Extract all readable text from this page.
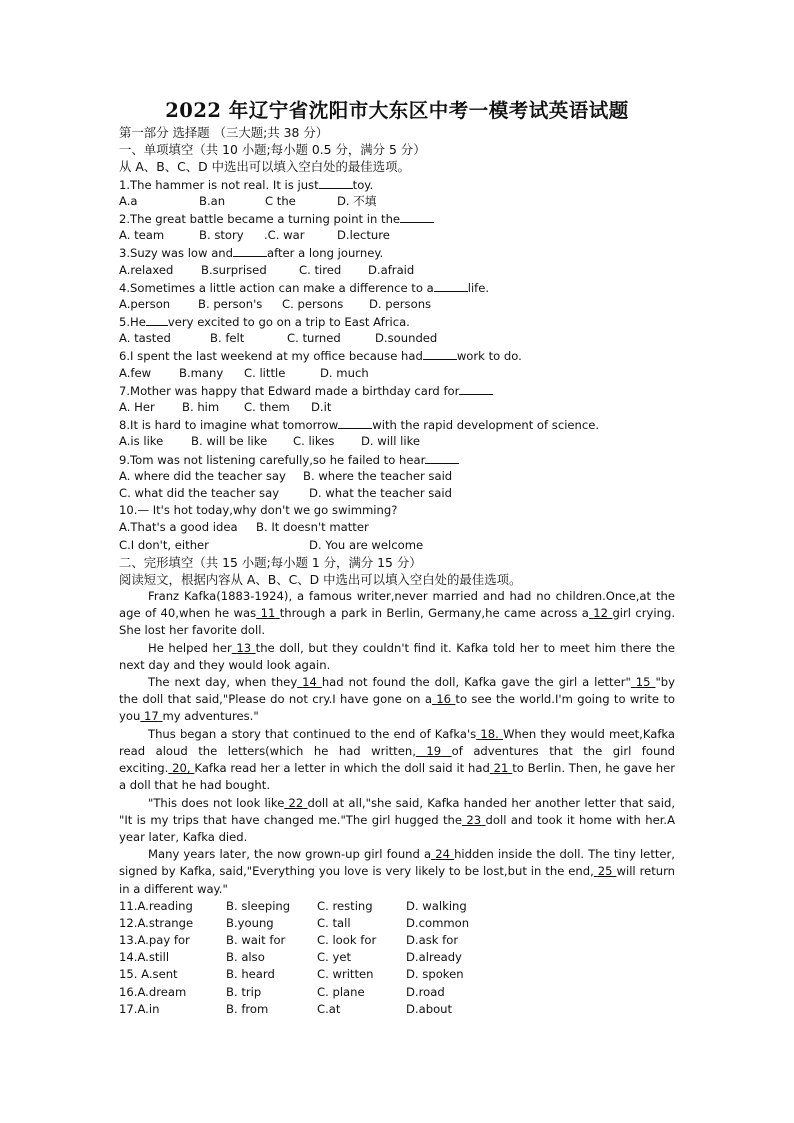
2022 年辽宁省沈阳市大东区中考一模考试英语试题
第一部分 选择题 （三大题;共 38 分）
一、单项填空（共 10 小题;每小题 0.5 分，满分 5 分）
从 A、B、C、D 中选出可以填入空白处的最佳选项。
1.The hammer is not real. It is just	toy.
A.a	B.an	C the	D. 不填
2.The great battle became a turning point in the
A. team	B. story	.C. war	D.lecture
3.Suzy was low and	after a long journey.
A.relaxed	B.surprised	C. tired	D.afraid
4.Sometimes a little action can make a difference to a	life.
A.person	B. person's	C. persons	D. persons
5.He very excited to go on a trip to East Africa.
A. tasted	B. felt	C. turned	D.sounded
6.I spent the last weekend at my office because had	work to do.
A.few	B.many	C. little	D. much
7.Mother was happy that Edward made a birthday card for
A. Her	B. him	C. them	D.it
8.It is hard to imagine what tomorrow	with the rapid development of science.
A.is like	B. will be like	C. likes	D. will like
9.Tom was not listening carefully,so he failed to hear
A. where did the teacher say	B. where the teacher said
C. what did the teacher say	D. what the teacher said
10.— It's hot today,why don't we go swimming?
A.That's a good idea	B. It doesn't matter
C.I don't, either	D. You are welcome
二、完形填空（共 15 小题;每小题 1 分，满分 15 分）
阅读短文，根据内容从 A、B、C、D 中选出可以填入空白处的最佳选项。
Franz Kafka(1883-1924), a famous writer,never married and had no children.Once,at the age of 40,when he was 11 through a park in Berlin, Germany,he came across a 12 girl crying. She lost her favorite doll.
He helped her 13 the doll, but they couldn't find it. Kafka told her to meet him there the next day and they would look again.
The next day, when they 14 had not found the doll, Kafka gave the girl a letter" 15 "by the doll that said,"Please do not cry.I have gone on a 16 to see the world.I'm going to write to you 17 my adventures."
Thus began a story that continued to the end of Kafka's 18. When they would meet,Kafka read aloud the letters(which he had written, 19 of adventures that the girl found exciting. 20, Kafka read her a letter in which the doll said it had 21 to Berlin. Then, he gave her a doll that he had bought.
"This does not look like 22 doll at all,"she said, Kafka handed her another letter that said, "It is my trips that have changed me."The girl hugged the 23 doll and took it home with her.A year later, Kafka died.
Many years later, the now grown-up girl found a 24 hidden inside the doll. The tiny letter, signed by Kafka, said,"Everything you love is very likely to be lost,but in the end, 25 will return in a different way."
11.A.reading	B. sleeping	C. resting	D. walking
12.A.strange	B.young	C. tall	D.common
13.A.pay for	B. wait for	C. look for	D.ask for
14.A.still	B. also	C. yet	D.already
15. A.sent	B. heard	C. written	D. spoken
16.A.dream	B. trip	C. plane	D.road
17.A.in	B. from	C.at	D.about
